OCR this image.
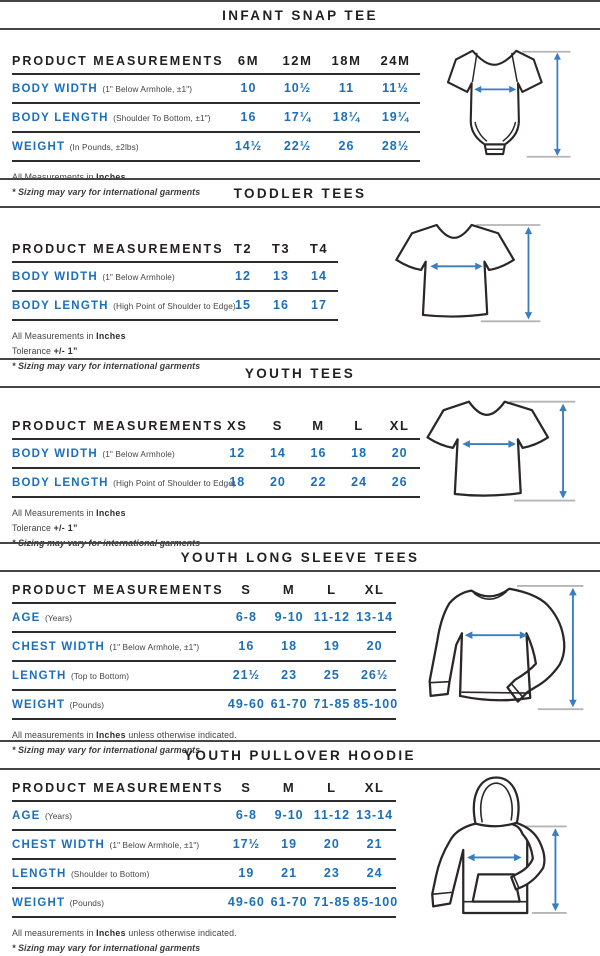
INFANT SNAP TEE
PRODUCT MEASUREMENTS	6M	12M	18M	24M
BODY WIDTH (1" Below Armhole, ±1")	10	10½	11	11½
BODY LENGTH (Shoulder To Bottom, ±1")	16	17¼	18¼	19¼
WEIGHT (In Pounds, ±2lbs)	14½	22½	26	28½
All Measurements in Inches
* Sizing may vary for international garments	TODDLER TEES
PRODUCT MEASUREMENTS	T2	T3	T4
BODY WIDTH (1" Below Armhole)	12	13	14
BODY LENGTH (High Point of Shoulder to Edge)	15	16	17
All Measurements in Inches
Tolerance +/- 1”
* Sizing may vary for international garments	YOUTH TEES
PRODUCT MEASUREMENTS	XS	S	M	L	XL
BODY WIDTH (1" Below Armhole)	12	14	16	18	20
BODY LENGTH (High Point of Shoulder to Edge)	18	20	22	24	26
All Measurements in Inches
Tolerance +/- 1”
* Sizing may vary for international garments
YOUTH LONG SLEEVE TEES
PRODUCT MEASUREMENTS	S	M	L	XL
AGE (Years)	6-8	9-10	11-12	13-14
CHEST WIDTH (1" Below Armhole, ±1")	16	18	19	20
LENGTH (Top to Bottom)	21½	23	25	26½
WEIGHT (Pounds)	49-60	61-70	71-85	85-100
All measurements in Inches unless otherwise indicated.
* Sizing may vary for international garments
YOUTH PULLOVER HOODIE
PRODUCT MEASUREMENTS	S	M	L	XL
AGE (Years)	6-8	9-10	11-12	13-14
CHEST WIDTH (1" Below Armhole, ±1")	17½	19	20	21
LENGTH (Shoulder to Bottom)	19	21	23	24
WEIGHT (Pounds)	49-60	61-70	71-85	85-100
All measurements in Inches unless otherwise indicated.
* Sizing may vary for international garments
